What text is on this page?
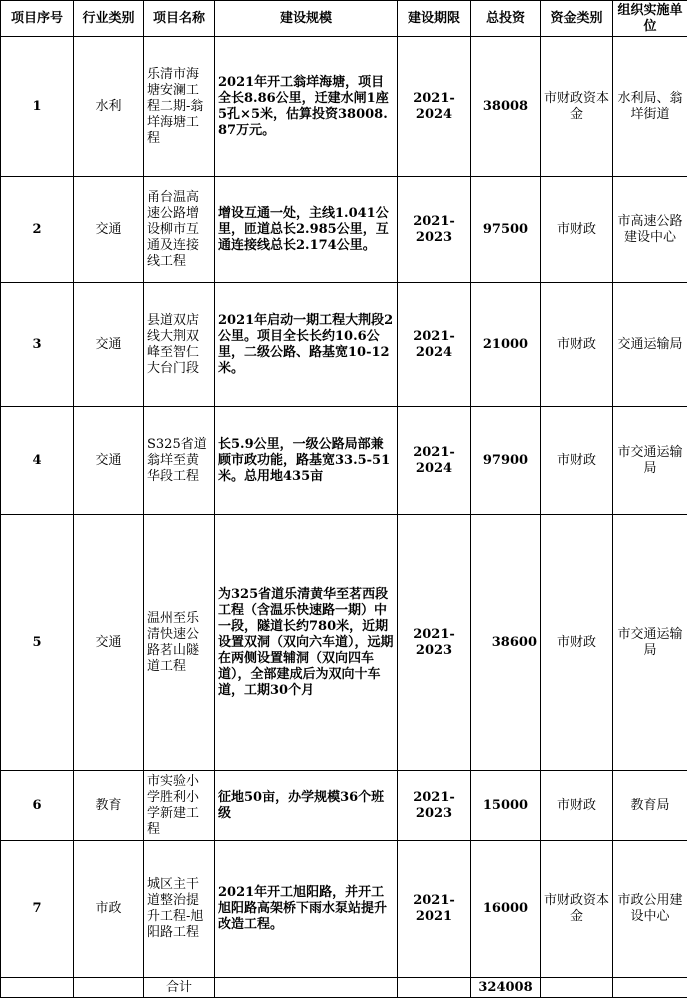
项目序号	行业类别	项目名称	建设规模	建设期限	总投资	资金类别	组织实施单位
1	水利	乐清市海塘安澜工程二期-翁垟海塘工程	2021年开工翁垟海塘，项目全长8.86公里，迁建水闸1座5孔×5米，估算投资38008.87万元。	2021-2024	38008	市财政资本金	水利局、翁垟街道
2	交通	甬台温高速公路增设柳市互通及连接线工程	增设互通一处，主线1.041公里，匝道总长2.985公里，互通连接线总长2.174公里。	2021-2023	97500	市财政	市高速公路建设中心
3	交通	县道双店线大荆双峰至智仁大台门段	2021年启动一期工程大荆段2公里。项目全长长约10.6公里，二级公路、路基宽10-12米。	2021-2024	21000	市财政	交通运输局
4	交通	S325省道翁垟至黄华段工程	长5.9公里，一级公路局部兼顾市政功能，路基宽33.5-51米。总用地435亩	2021-2024	97900	市财政	市交通运输局
5	交通	温州至乐清快速公路茗山隧道工程	为325省道乐清黄华至茗西段工程（含温乐快速路一期）中一段，隧道长约780米，近期设置双洞（双向六车道），远期在两侧设置辅洞（双向四车道），全部建成后为双向十车道，工期30个月	2021-2023	38600	市财政	市交通运输局
6	教育	市实验小学胜利小学新建工程	征地50亩，办学规模36个班级	2021-2023	15000	市财政	教育局
7	市政	城区主干道整治提升工程-旭阳路工程	2021年开工旭阳路，并开工旭阳路高架桥下雨水泵站提升改造工程。	2021-2021	16000	市财政资本金	市政公用建设中心
		合计			324008		
